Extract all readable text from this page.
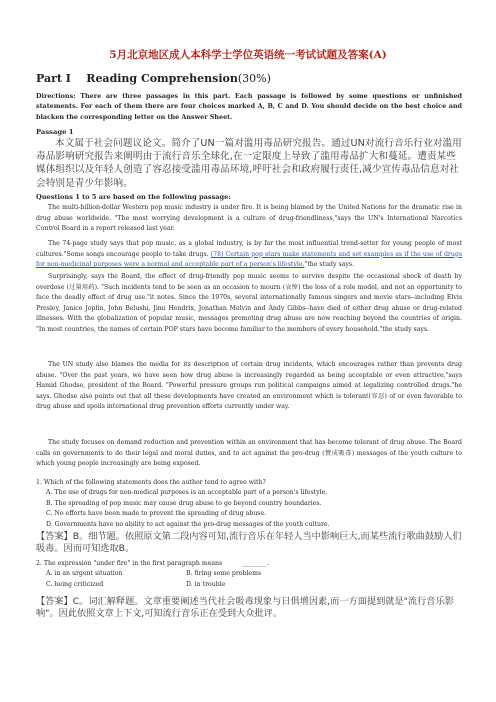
5月北京地区成人本科学士学位英语统一考试试题及答案(A)
Part Ⅰ Reading Comprehension(30%)
Directions: There are three passages in this part. Each passage is followed by some questions or unfinished statements. For each of them there are four choices marked A, B, C and D. You should decide on the best choice and blacken the corresponding letter on the Answer Sheet.
Passage 1
本文属于社会问题议论文。简介了UN一篇对滥用毒品研究报告。通过UN对流行音乐行业对滥用毒品影响研究报告来阐明由于流行音乐全球化,在一定限度上导致了滥用毒品扩大和蔓延。遭责某些媒体组织以及年轻人创造了容忍接受滥用毒品环境,呼吁社会和政府履行责任,减少宣传毒品信息对社会特别是青少年影响。
Questions 1 to 5 are based on the following passage:
The multi-billion-dollar Western pop music industry is under fire. It is being blamed by the United Nations for the dramatic rise in drug abuse worldwide. "The most worrying development is a culture of drug-friendliness,"says the UN's International Narcotics Control Board in a report released last year.
The 74-page study says that pop music, as a global industry, is by far the most influential trend-setter for young people of most cultures."Some songs encourage people to take drugs. (78) Certain pop stars make statements and set examples as if the use of drugs for non-medicinal purposes were a normal and acceptable part of a person's lifestyle."the study says.
Surprisingly, says the Board, the effect of drug-friendly pop music seems to survive despite the occasional shock of death by overdose (过量用药). "Such incidents tend to be seen as an occasion to mourn (哀悼) the loss of a role model, and not an opportunity to face the deadly effect of drug use."it notes. Since the 1970s, several internationally famous singers and movie stars--including Elvis Presley, Janice Joplin, John Belushi, Jimi Hendrix, Jonathan Melvin and Andy Gibbs--have died of either drug abuse or drug-related illnesses. With the globalization of popular music, messages promoting drug abuse are now reaching beyond the countries of origin. "In most countries, the names of certain POP stars have become familiar to the members of every household."the study says.
The UN study also blames the media for its description of certain drug incidents, which encourages rather than prevents drug abuse. "Over the past years, we have seen how drug abuse is increasingly regarded as being acceptable or even attractive,"says Hamid Ghodse, president of the Board. "Powerful pressure groups run political campaigns aimed at legalizing controlled drugs."he says. Ghodse also points out that all these developments have created an environment which is tolerant(容忍) of or even favorable to drug abuse and spoils international drug prevention efforts currently under way.
The study focuses on demand reduction and prevention within an environment that has become tolerant of drug abuse. The Board calls on governments to do their legal and moral duties, and to act against the pro-drug (赞成吸毒) messages of the youth culture to which young people increasingly are being exposed.
1. Which of the following statements does the author tend to agree with?
A. The use of drugs for non-medical purposes is an acceptable part of a person's lifestyle.
B. The spreading of pop music may cause drug abuse to go beyond country boundaries.
C. No efforts have been made to prevent the spreading of drug abuse.
D. Governments have no ability to act against the pro-drug messages of the youth culture.
【答案】B。细节题。依照原文第二段内容可知,流行音乐在年轻人当中影响巨大,而某些流行歌曲鼓励人们吸毒。因而可知选取B。
2. The expression "under fire" in the first paragraph means	________.
A. in an urgent situation	B. firing some problems
C. being criticized	D. in trouble
【答案】C。词汇解释题。文章重要阐述当代社会吸毒现象与日俱增因素,而一方面提到就是"流行音乐影响"。因此依照文章上下文,可知流行音乐正在受到大众批评。
